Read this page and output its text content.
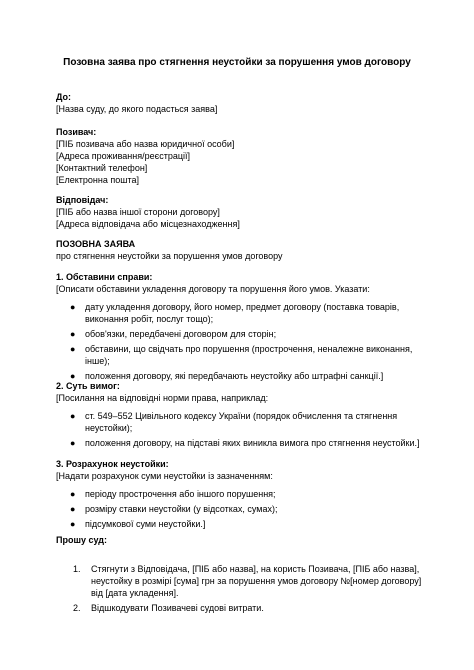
Позовна заява про стягнення неустойки за порушення умов договору
До:
[Назва суду, до якого подасться заява]
Позивач:
[ПІБ позивача або назва юридичної особи]
[Адреса проживання/реєстрації]
[Контактний телефон]
[Електронна пошта]
Відповідач:
[ПІБ або назва іншої сторони договору]
[Адреса відповідача або місцезнаходження]
ПОЗОВНА ЗАЯВА
про стягнення неустойки за порушення умов договору
1. Обставини справи:
[Описати обставини укладення договору та порушення його умов. Указати:
● дату укладення договору, його номер, предмет договору (поставка товарів,
виконання робіт, послуг тощо);
● обов'язки, передбачені договором для сторін;
● обставини, що свідчать про порушення (прострочення, неналежне виконання,
інше);
● положення договору, які передбачають неустойку або штрафні санкції.]
2. Суть вимог:
[Посилання на відповідні норми права, наприклад:
● ст. 549–552 Цивільного кодексу України (порядок обчислення та стягнення
неустойки);
● положення договору, на підставі яких виникла вимога про стягнення неустойки.]
3. Розрахунок неустойки:
[Надати розрахунок суми неустойки із зазначенням:
● періоду прострочення або іншого порушення;
● розміру ставки неустойки (у відсотках, сумах);
● підсумкової суми неустойки.]
Прошу суд:
1. Стягнути з Відповідача, [ПІБ або назва], на користь Позивача, [ПІБ або назва],
неустойку в розмірі [сума] грн за порушення умов договору №[номер договору]
від [дата укладення].
2. Відшкодувати Позивачеві судові витрати.
